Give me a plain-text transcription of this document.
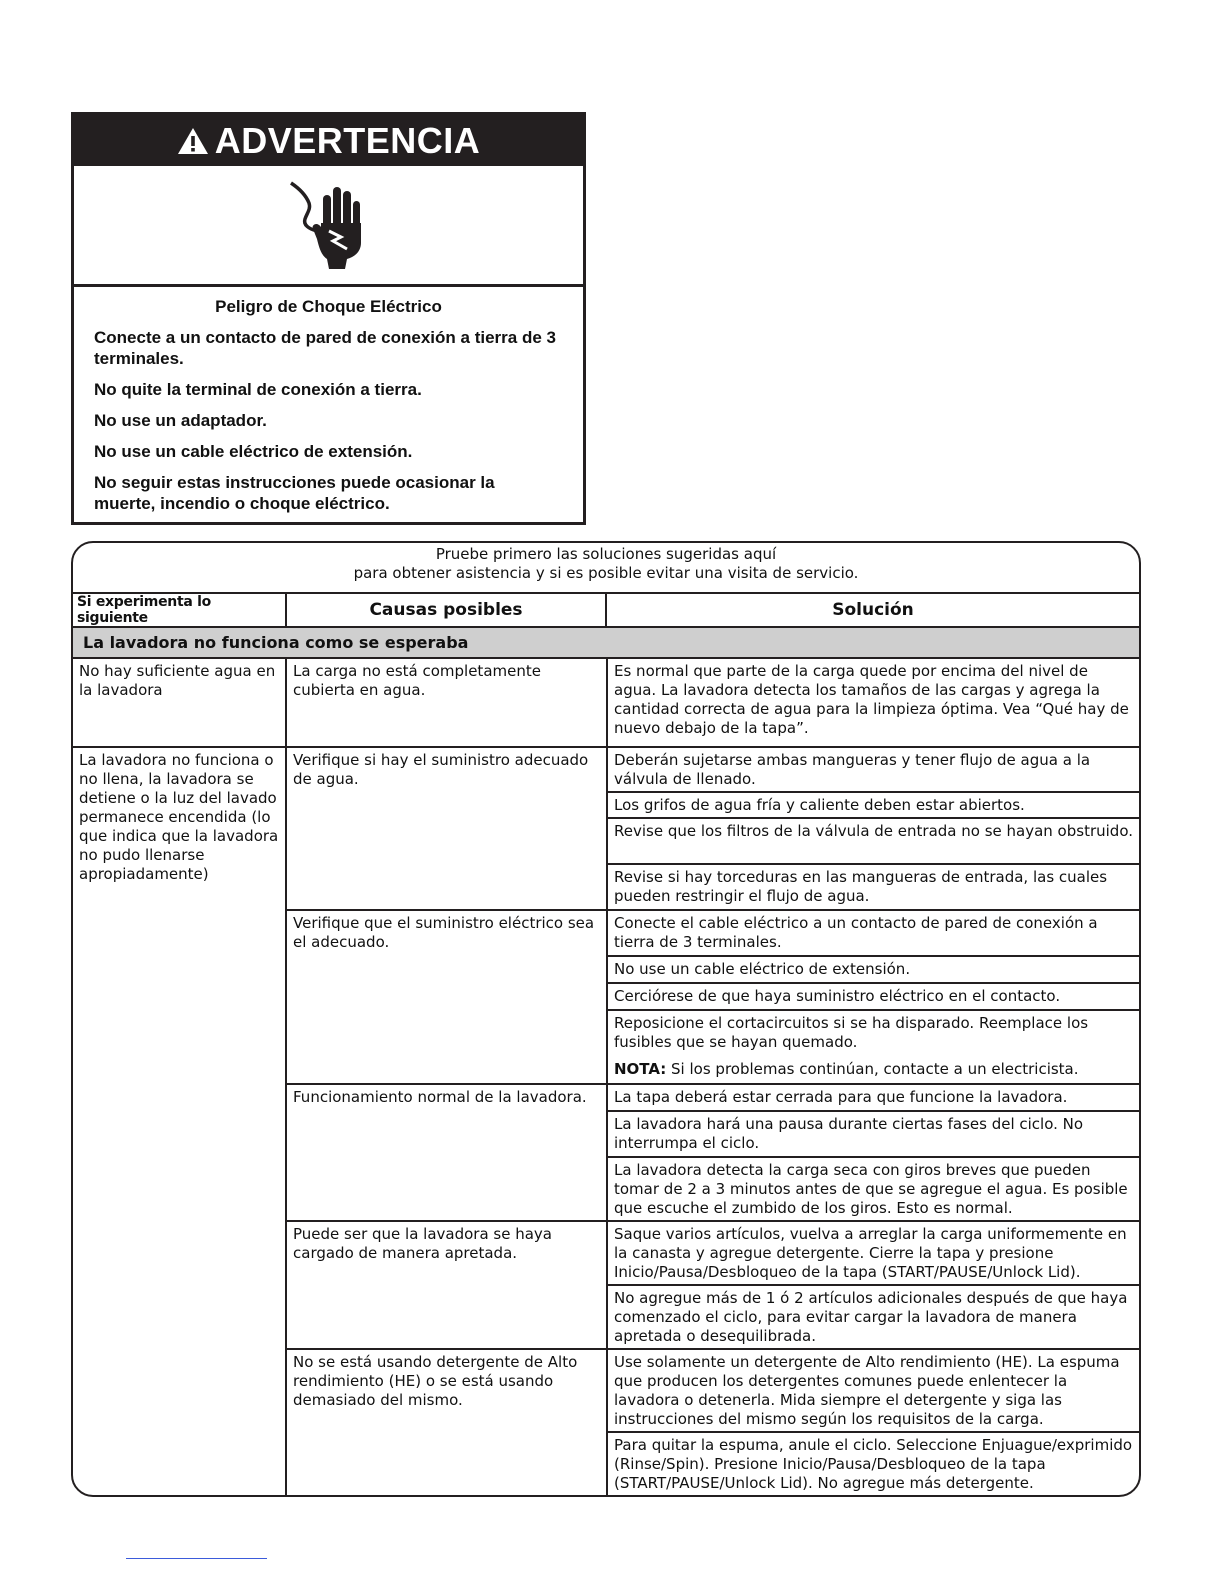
ADVERTENCIA

Peligro de Choque Eléctrico

Conecte a un contacto de pared de conexión a tierra de 3 terminales.

No quite la terminal de conexión a tierra.

No use un adaptador.

No use un cable eléctrico de extensión.

No seguir estas instrucciones puede ocasionar la muerte, incendio o choque eléctrico.

Pruebe primero las soluciones sugeridas aquí
para obtener asistencia y si es posible evitar una visita de servicio.
Si experimenta lo siguiente	Causas posibles	Solución
La lavadora no funciona como se esperaba
No hay suficiente agua en la lavadora
La lavadora no funciona o no llena, la lavadora se detiene o la luz del lavado permanece encendida (lo que indica que la lavadora no pudo llenarse apropiadamente)
La carga no está completamente cubierta en agua.
Verifique si hay el suministro adecuado de agua.
Verifique que el suministro eléctrico sea el adecuado.
Funcionamiento normal de la lavadora.
Puede ser que la lavadora se haya cargado de manera apretada.
No se está usando detergente de Alto rendimiento (HE) o se está usando demasiado del mismo.
Es normal que parte de la carga quede por encima del nivel de agua. La lavadora detecta los tamaños de las cargas y agrega la cantidad correcta de agua para la limpieza óptima. Vea “Qué hay de nuevo debajo de la tapa”.
Deberán sujetarse ambas mangueras y tener flujo de agua a la válvula de llenado.
Los grifos de agua fría y caliente deben estar abiertos.
Revise que los filtros de la válvula de entrada no se hayan obstruido.
Revise si hay torceduras en las mangueras de entrada, las cuales pueden restringir el flujo de agua.
Conecte el cable eléctrico a un contacto de pared de conexión a tierra de 3 terminales.
No use un cable eléctrico de extensión.
Cerciórese de que haya suministro eléctrico en el contacto.
Reposicione el cortacircuitos si se ha disparado. Reemplace los fusibles que se hayan quemado.
NOTA: Si los problemas continúan, contacte a un electricista.
La tapa deberá estar cerrada para que funcione la lavadora.
La lavadora hará una pausa durante ciertas fases del ciclo. No interrumpa el ciclo.
La lavadora detecta la carga seca con giros breves que pueden tomar de 2 a 3 minutos antes de que se agregue el agua. Es posible que escuche el zumbido de los giros. Esto es normal.
Saque varios artículos, vuelva a arreglar la carga uniformemente en la canasta y agregue detergente. Cierre la tapa y presione Inicio/Pausa/Desbloqueo de la tapa (START/PAUSE/Unlock Lid).
No agregue más de 1 ó 2 artículos adicionales después de que haya comenzado el ciclo, para evitar cargar la lavadora de manera apretada o desequilibrada.
Use solamente un detergente de Alto rendimiento (HE). La espuma que producen los detergentes comunes puede enlentecer la lavadora o detenerla. Mida siempre el detergente y siga las instrucciones del mismo según los requisitos de la carga.
Para quitar la espuma, anule el ciclo. Seleccione Enjuague/exprimido (Rinse/Spin). Presione Inicio/Pausa/Desbloqueo de la tapa (START/PAUSE/Unlock Lid). No agregue más detergente.
